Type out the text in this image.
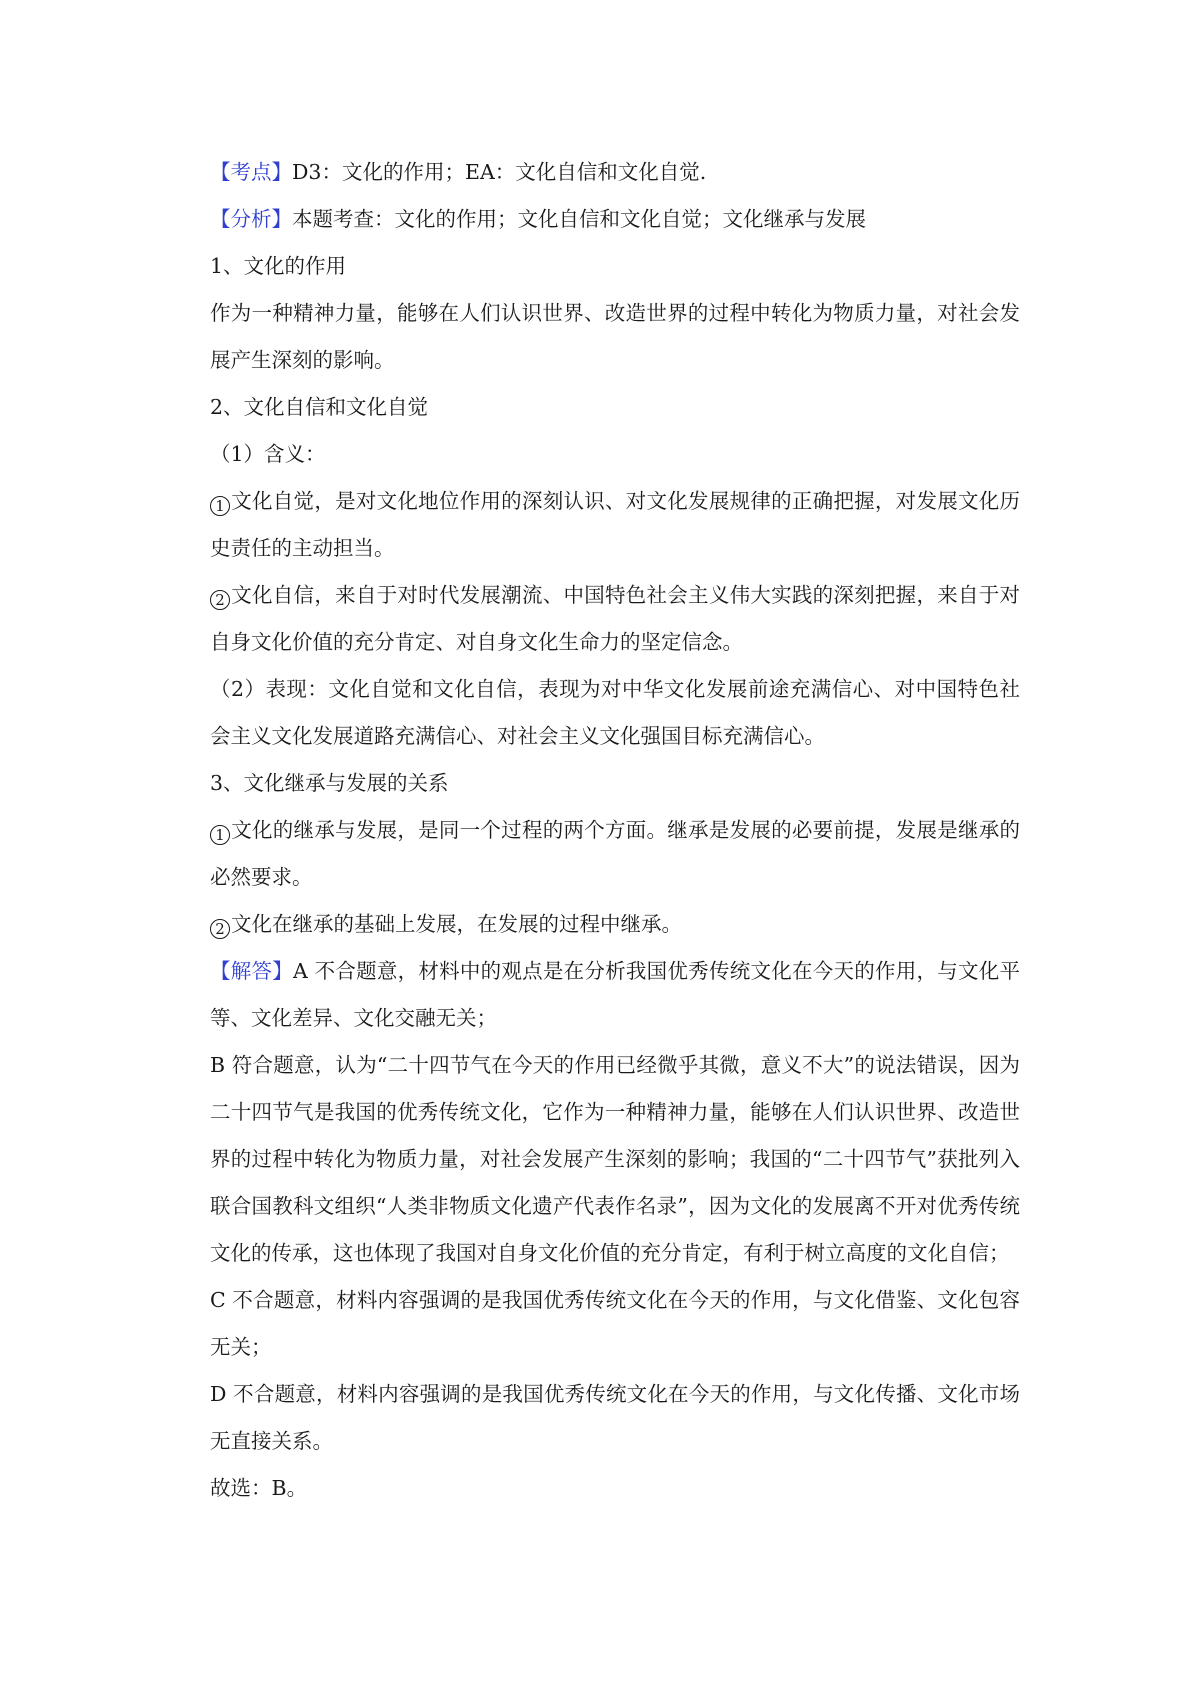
【考点】D3：文化的作用；EA：文化自信和文化自觉.

【分析】本题考查：文化的作用；文化自信和文化自觉；文化继承与发展

1、文化的作用

作为一种精神力量，能够在人们认识世界、改造世界的过程中转化为物质力量，对社会发展产生深刻的影响。

2、文化自信和文化自觉

（1）含义：

1 文化自觉，是对文化地位作用的深刻认识、对文化发展规律的正确把握，对发展文化历史责任的主动担当。

2 文化自信，来自于对时代发展潮流、中国特色社会主义伟大实践的深刻把握，来自于对自身文化价值的充分肯定、对自身文化生命力的坚定信念。

（2）表现：文化自觉和文化自信，表现为对中华文化发展前途充满信心、对中国特色社会主义文化发展道路充满信心、对社会主义文化强国目标充满信心。

3、文化继承与发展的关系

1 文化的继承与发展，是同一个过程的两个方面。继承是发展的必要前提，发展是继承的必然要求。

2 文化在继承的基础上发展，在发展的过程中继承。

【解答】A 不合题意，材料中的观点是在分析我国优秀传统文化在今天的作用，与文化平等、文化差异、文化交融无关；

B 符合题意，认为“二十四节气在今天的作用已经微乎其微，意义不大”的说法错误，因为二十四节气是我国的优秀传统文化，它作为一种精神力量，能够在人们认识世界、改造世界的过程中转化为物质力量，对社会发展产生深刻的影响；我国的“二十四节气”获批列入联合国教科文组织“人类非物质文化遗产代表作名录”，因为文化的发展离不开对优秀传统文化的传承，这也体现了我国对自身文化价值的充分肯定，有利于树立高度的文化自信；

C 不合题意，材料内容强调的是我国优秀传统文化在今天的作用，与文化借鉴、文化包容无关；

D 不合题意，材料内容强调的是我国优秀传统文化在今天的作用，与文化传播、文化市场无直接关系。

故选：B。
